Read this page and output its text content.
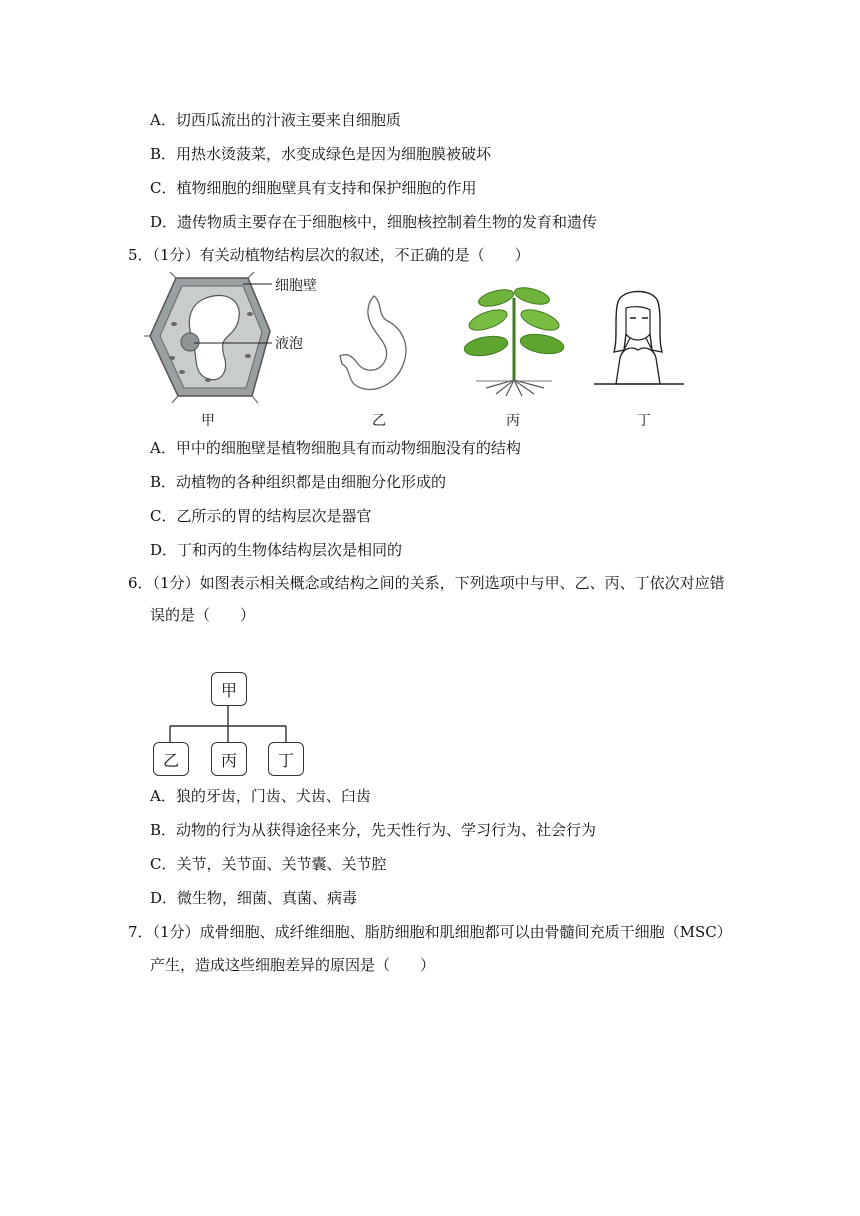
A．切西瓜流出的汁液主要来自细胞质
B．用热水烫菠菜，水变成绿色是因为细胞膜被破坏
C．植物细胞的细胞壁具有支持和保护细胞的作用
D．遗传物质主要存在于细胞核中，细胞核控制着生物的发育和遗传
5．（1分）有关动植物结构层次的叙述，不正确的是（　　）
细胞壁
液泡
甲	乙	丙	丁
A．甲中的细胞壁是植物细胞具有而动物细胞没有的结构
B．动植物的各种组织都是由细胞分化形成的
C．乙所示的胃的结构层次是器官
D．丁和丙的生物体结构层次是相同的
6．（1分）如图表示相关概念或结构之间的关系，下列选项中与甲、乙、丙、丁依次对应错
误的是（　　）
甲
乙	丙	丁
A．狼的牙齿，门齿、犬齿、臼齿
B．动物的行为从获得途径来分，先天性行为、学习行为、社会行为
C．关节，关节面、关节囊、关节腔
D．微生物，细菌、真菌、病毒
7．（1分）成骨细胞、成纤维细胞、脂肪细胞和肌细胞都可以由骨髓间充质干细胞（MSC）
产生，造成这些细胞差异的原因是（　　）
